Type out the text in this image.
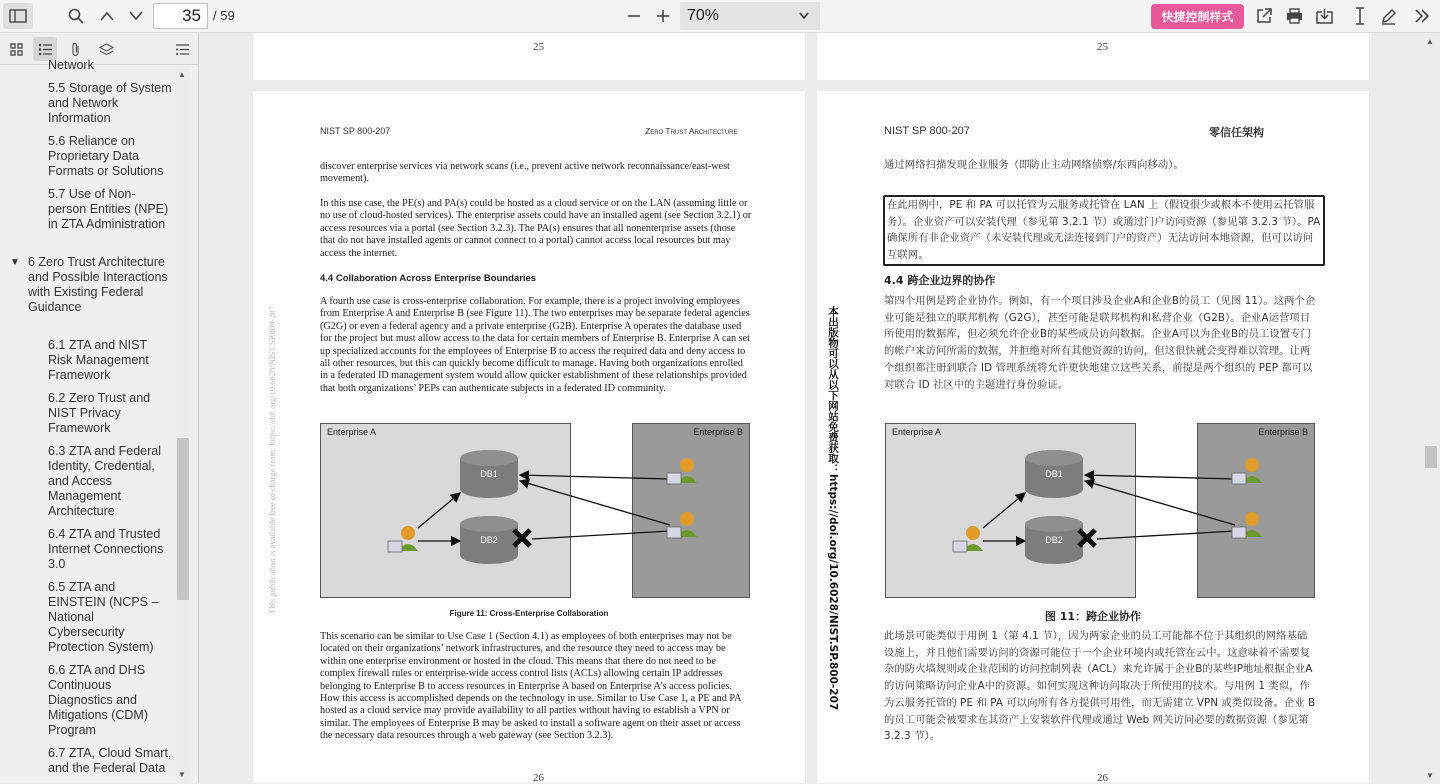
35
/ 59	70%	快捷控制样式
Network
5.5 Storage of System and Network Information
5.6 Reliance on Proprietary Data Formats or Solutions
5.7 Use of Non-person Entities (NPE) in ZTA Administration
▼ 6 Zero Trust Architecture and Possible Interactions with Existing Federal Guidance
6.1 ZTA and NIST Risk Management Framework
6.2 Zero Trust and NIST Privacy Framework
6.3 ZTA and Federal Identity, Credential, and Access Management Architecture
6.4 ZTA and Trusted Internet Connections 3.0
6.5 ZTA and EINSTEIN (NCPS – National Cybersecurity Protection System)
6.6 ZTA and DHS Continuous Diagnostics and Mitigations (CDM) Program
6.7 ZTA, Cloud Smart, and the Federal Data
▲
▼
25	25
NIST SP 800-207	Zero Trust Architecture
This publication is available free of charge from: https://doi.org/10.6028/NIST.SP.800-207
discover enterprise services via network scans (i.e., prevent active network reconnaissance/east-west movement).
In this use case, the PE(s) and PA(s) could be hosted as a cloud service or on the LAN (assuming little or no use of cloud-hosted services). The enterprise assets could have an installed agent (see Section 3.2.1) or access resources via a portal (see Section 3.2.3). The PA(s) ensures that all nonenterprise assets (those that do not have installed agents or cannot connect to a portal) cannot access local resources but may access the internet.
4.4 Collaboration Across Enterprise Boundaries
A fourth use case is cross-enterprise collaboration. For example, there is a project involving employees from Enterprise A and Enterprise B (see Figure 11). The two enterprises may be separate federal agencies (G2G) or even a federal agency and a private enterprise (G2B). Enterprise A operates the database used for the project but must allow access to the data for certain members of Enterprise B. Enterprise A can set up specialized accounts for the employees of Enterprise B to access the required data and deny access to all other resources, but this can quickly become difficult to manage. Having both organizations enrolled in a federated ID management system would allow quicker establishment of these relationships provided that both organizations’ PEPs can authenticate subjects in a federated ID community.
Enterprise A	Enterprise B
DB1
DB2
Figure 11: Cross-Enterprise Collaboration
This scenario can be similar to Use Case 1 (Section 4.1) as employees of both enterprises may not be located on their organizations’ network infrastructures, and the resource they need to access may be within one enterprise environment or hosted in the cloud. This means that there do not need to be complex firewall rules or enterprise-wide access control lists (ACLs) allowing certain IP addresses belonging to Enterprise B to access resources in Enterprise A based on Enterprise A’s access policies. How this access is accomplished depends on the technology in use. Similar to Use Case 1, a PE and PA hosted as a cloud service may provide availability to all parties without having to establish a VPN or similar. The employees of Enterprise B may be asked to install a software agent on their asset or access the necessary data resources through a web gateway (see Section 3.2.3).
26
NIST SP 800-207	零信任架构
本出版物可以从以下网站免费获取：https://doi.org/10.6028/NIST.SP.800-207
通过网络扫描发现企业服务（即防止主动网络侦察/东西向移动）。
在此用例中，PE 和 PA 可以托管为云服务或托管在 LAN 上（假设很少或根本不使用云托管服务）。企业资产可以安装代理（参见第 3.2.1 节）或通过门户访问资源（参见第 3.2.3 节）。PA 确保所有非企业资产（未安装代理或无法连接到门户的资产）无法访问本地资源，但可以访问互联网。
4.4 跨企业边界的协作
第四个用例是跨企业协作。例如，有一个项目涉及企业A和企业B的员工（见图 11）。这两个企业可能是独立的联邦机构（G2G），甚至可能是联邦机构和私营企业（G2B）。企业A运营项目所使用的数据库，但必须允许企业B的某些成员访问数据。企业A可以为企业B的员工设置专门的帐户来访问所需的数据，并拒绝对所有其他资源的访问，但这很快就会变得难以管理。让两个组织都注册到联合 ID 管理系统将允许更快地建立这些关系，前提是两个组织的 PEP 都可以对联合 ID 社区中的主题进行身份验证。
Enterprise A	Enterprise B
DB1
DB2
图 11：跨企业协作
此场景可能类似于用例 1（第 4.1 节），因为两家企业的员工可能都不位于其组织的网络基础设施上，并且他们需要访问的资源可能位于一个企业环境内或托管在云中。这意味着不需要复杂的防火墙规则或企业范围的访问控制列表（ACL）来允许属于企业B的某些IP地址根据企业A的访问策略访问企业A中的资源。如何实现这种访问取决于所使用的技术。与用例 1 类似，作为云服务托管的 PE 和 PA 可以向所有各方提供可用性，而无需建立 VPN 或类似设备。企业 B 的员工可能会被要求在其资产上安装软件代理或通过 Web 网关访问必要的数据资源（参见第 3.2.3 节）。
26
▲
▼
